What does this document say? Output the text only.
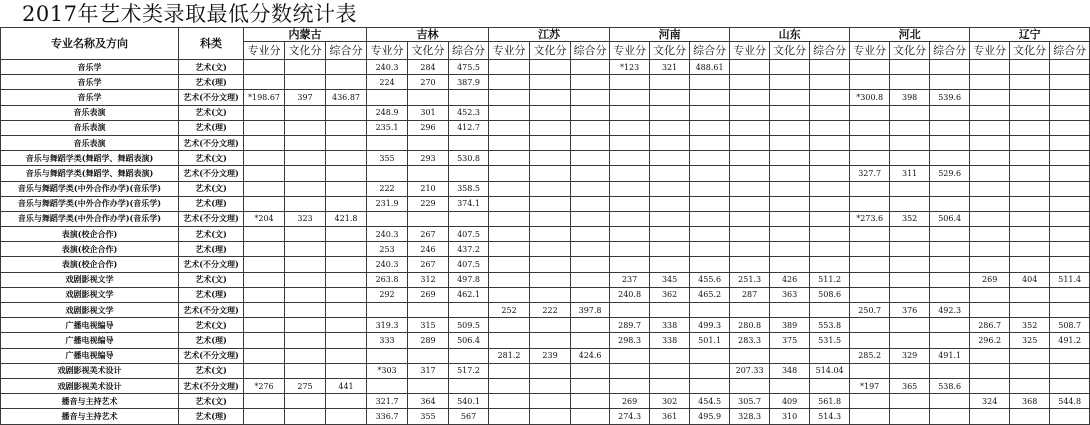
2017年艺术类录取最低分数统计表
专业名称及方向	科类	内蒙古			吉林			江苏			河南			山东			河北			辽宁		
		专业分	文化分	综合分	专业分	文化分	综合分	专业分	文化分	综合分	专业分	文化分	综合分	专业分	文化分	综合分	专业分	文化分	综合分	专业分	文化分	综合分
音乐学	艺术(文)				240.3	284	475.5				*123	321	488.61									
音乐学	艺术(理)				224	270	387.9															
音乐学	艺术(不分文理)	*198.67	397	436.87													*300.8	398	539.6			
音乐表演	艺术(文)				248.9	301	452.3															
音乐表演	艺术(理)				235.1	296	412.7															
音乐表演	艺术(不分文理)																					
音乐与舞蹈学类(舞蹈学、舞蹈表演)	艺术(文)				355	293	530.8															
音乐与舞蹈学类(舞蹈学、舞蹈表演)	艺术(不分文理)																327.7	311	529.6			
音乐与舞蹈学类(中外合作办学)(音乐学)	艺术(文)				222	210	358.5															
音乐与舞蹈学类(中外合作办学)(音乐学)	艺术(理)				231.9	229	374.1															
音乐与舞蹈学类(中外合作办学)(音乐学)	艺术(不分文理)	*204	323	421.8													*273.6	352	506.4			
表演(校企合作)	艺术(文)				240.3	267	407.5															
表演(校企合作)	艺术(理)				253	246	437.2															
表演(校企合作)	艺术(不分文理)				240.3	267	407.5															
戏剧影视文学	艺术(文)				263.8	312	497.8				237	345	455.6	251.3	426	511.2				269	404	511.4
戏剧影视文学	艺术(理)				292	269	462.1				240.8	362	465.2	287	363	508.6						
戏剧影视文学	艺术(不分文理)							252	222	397.8							250.7	376	492.3			
广播电视编导	艺术(文)				319.3	315	509.5				289.7	338	499.3	280.8	389	553.8				286.7	352	508.7
广播电视编导	艺术(理)				333	289	506.4				298.3	338	501.1	283.3	375	531.5				296.2	325	491.2
广播电视编导	艺术(不分文理)							281.2	239	424.6							285.2	329	491.1			
戏剧影视美术设计	艺术(文)				*303	317	517.2							207.33	348	514.04						
戏剧影视美术设计	艺术(不分文理)	*276	275	441													*197	365	538.6			
播音与主持艺术	艺术(文)				321.7	364	540.1				269	302	454.5	305.7	409	561.8				324	368	544.8
播音与主持艺术	艺术(理)				336.7	355	567				274.3	361	495.9	328.3	310	514.3						
